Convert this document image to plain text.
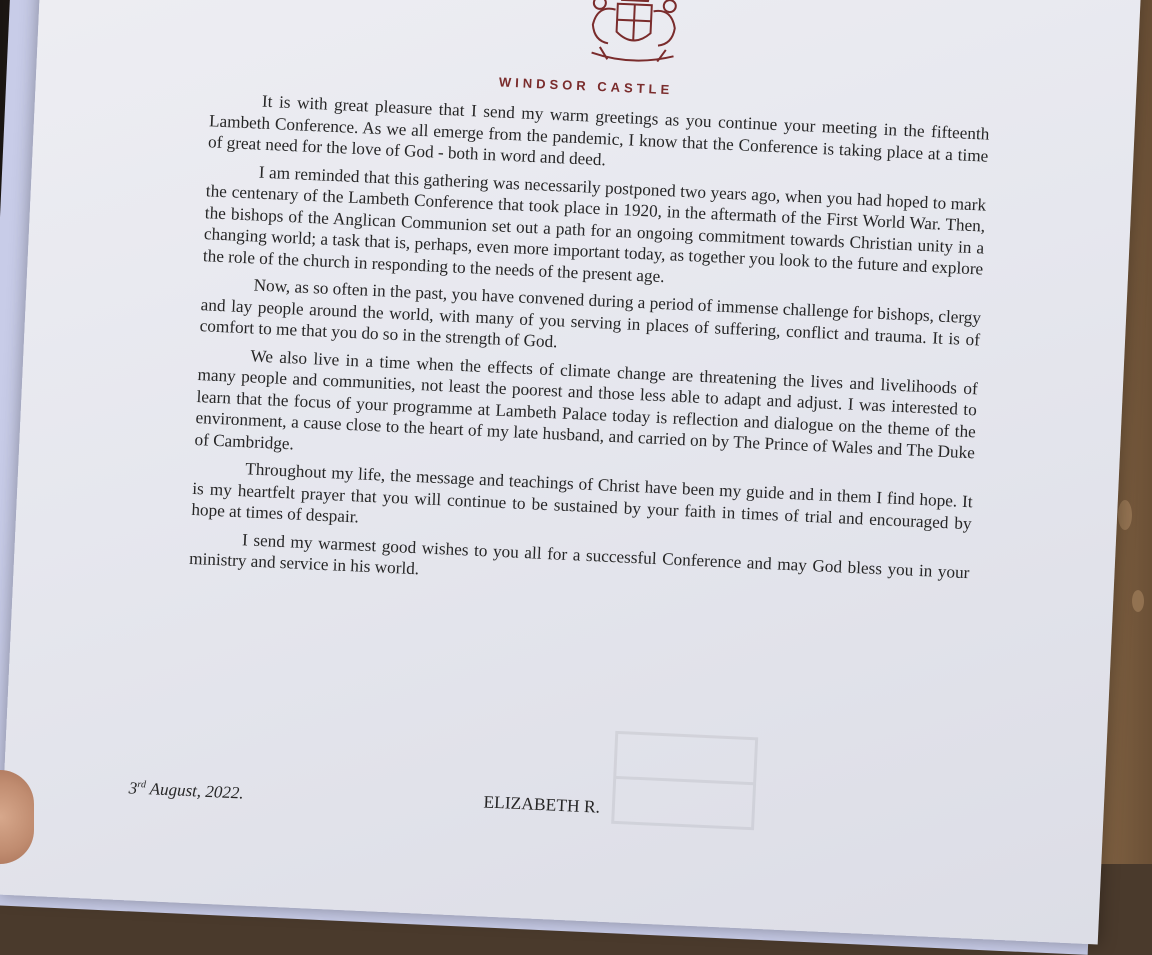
WINDSOR CASTLE

It is with great pleasure that I send my warm greetings as you continue your meeting in the fifteenth Lambeth Conference. As we all emerge from the pandemic, I know that the Conference is taking place at a time of great need for the love of God - both in word and deed.

I am reminded that this gathering was necessarily postponed two years ago, when you had hoped to mark the centenary of the Lambeth Conference that took place in 1920, in the aftermath of the First World War. Then, the bishops of the Anglican Communion set out a path for an ongoing commitment towards Christian unity in a changing world; a task that is, perhaps, even more important today, as together you look to the future and explore the role of the church in responding to the needs of the present age.

Now, as so often in the past, you have convened during a period of immense challenge for bishops, clergy and lay people around the world, with many of you serving in places of suffering, conflict and trauma. It is of comfort to me that you do so in the strength of God.

We also live in a time when the effects of climate change are threatening the lives and livelihoods of many people and communities, not least the poorest and those less able to adapt and adjust. I was interested to learn that the focus of your programme at Lambeth Palace today is reflection and dialogue on the theme of the environment, a cause close to the heart of my late husband, and carried on by The Prince of Wales and The Duke of Cambridge.

Throughout my life, the message and teachings of Christ have been my guide and in them I find hope. It is my heartfelt prayer that you will continue to be sustained by your faith in times of trial and encouraged by hope at times of despair.

I send my warmest good wishes to you all for a successful Conference and may God bless you in your ministry and service in his world.

3rd August, 2022.
ELIZABETH R.
